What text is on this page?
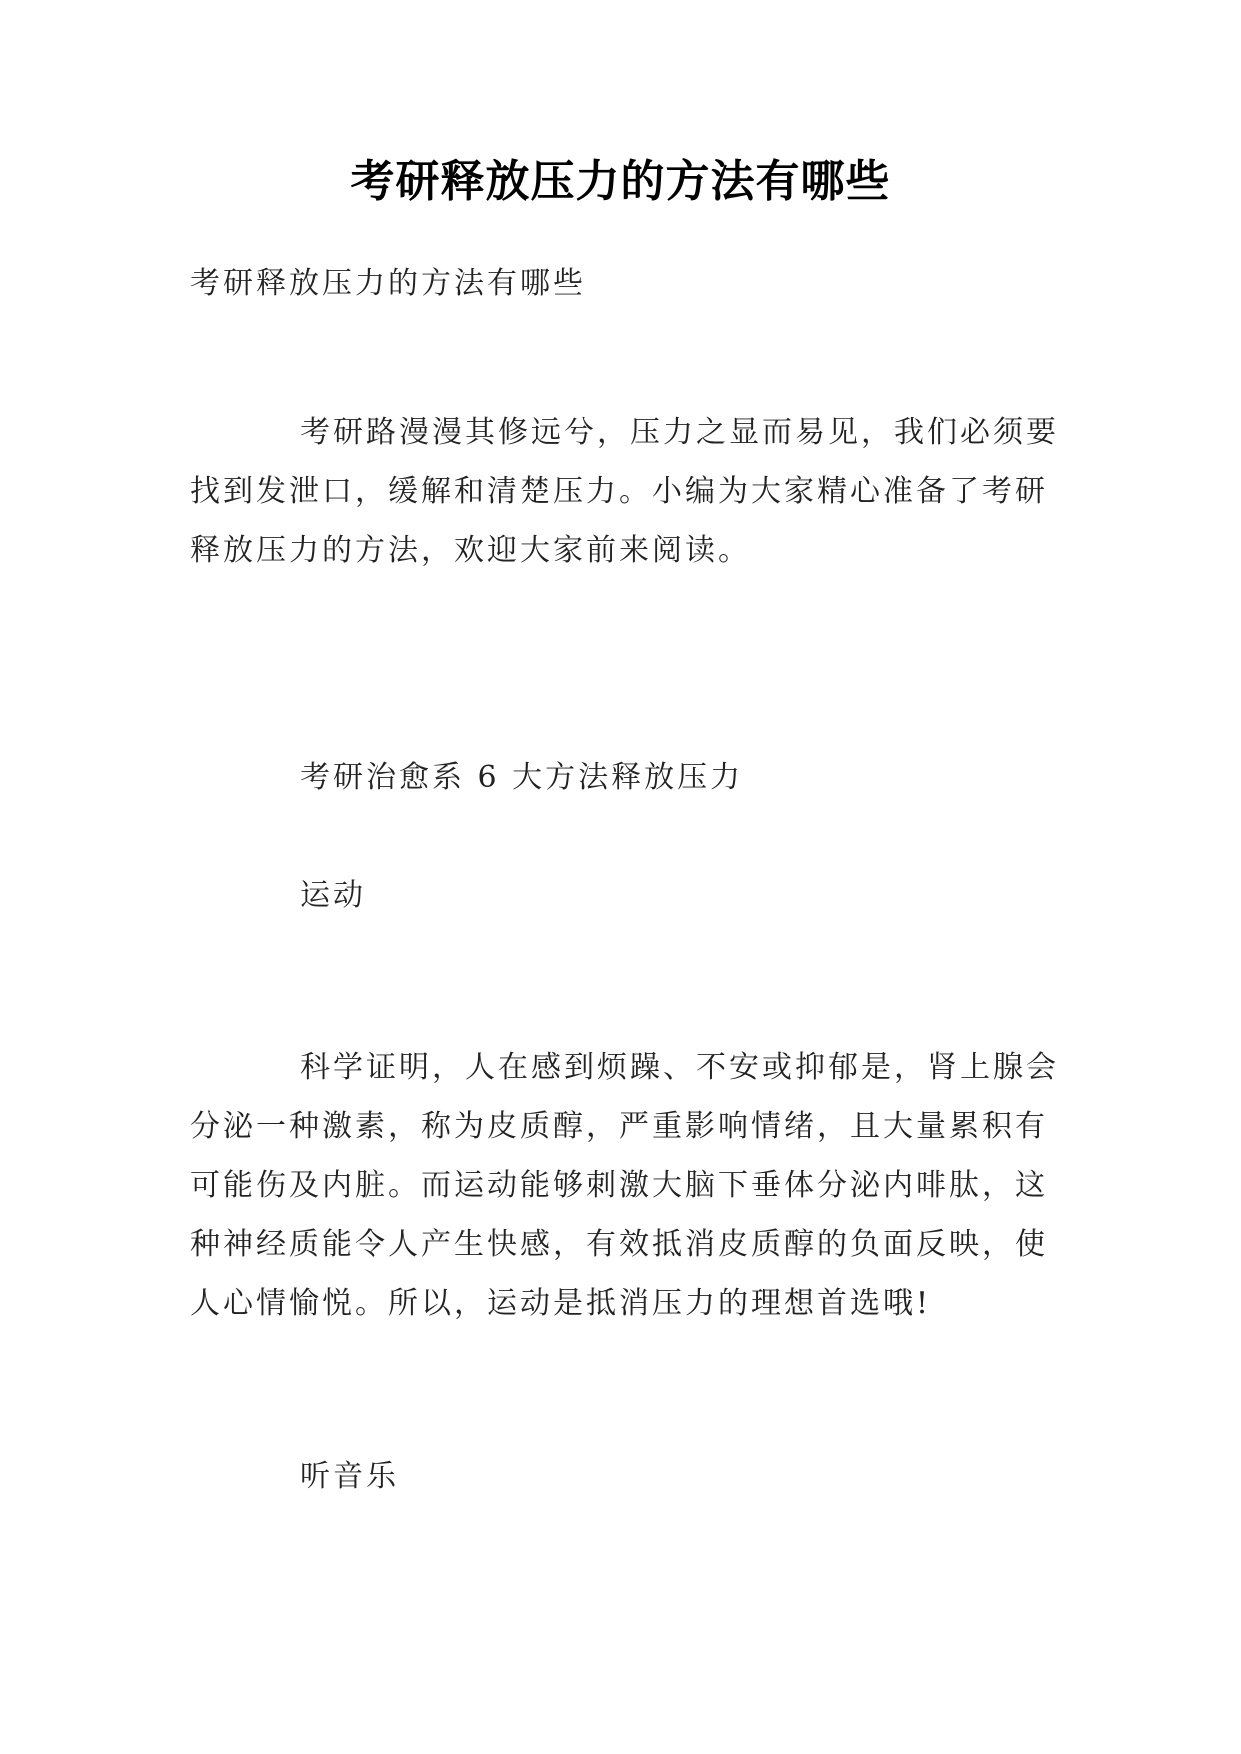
考研释放压力的方法有哪些

考研释放压力的方法有哪些

考研路漫漫其修远兮，压力之显而易见，我们必须要找到发泄口，缓解和清楚压力。小编为大家精心准备了考研释放压力的方法，欢迎大家前来阅读。

考研治愈系 6 大方法释放压力

运动

科学证明，人在感到烦躁、不安或抑郁是，肾上腺会分泌一种激素，称为皮质醇，严重影响情绪，且大量累积有可能伤及内脏。而运动能够刺激大脑下垂体分泌内啡肽，这种神经质能令人产生快感，有效抵消皮质醇的负面反映，使人心情愉悦。所以，运动是抵消压力的理想首选哦!

听音乐
